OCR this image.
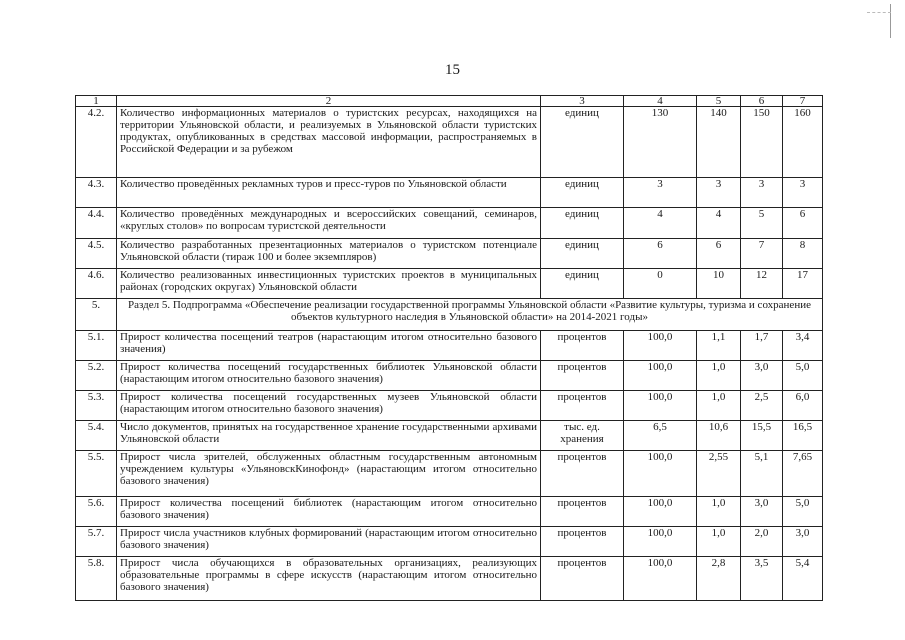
15
1	2	3	4	5	6	7
4.2.	Количество информационных материалов о туристских ресурсах, находящихся на территории Ульяновской области, и реализуемых в Ульяновской области туристских продуктах, опубликованных в средствах массовой информации, распространяемых в Российской Федерации и за рубежом	единиц	130	140	150	160
4.3.	Количество проведённых рекламных туров и пресс-туров по Ульяновской области	единиц	3	3	3	3
4.4.	Количество проведённых международных и всероссийских совещаний, семинаров, «круглых столов» по вопросам туристской деятельности	единиц	4	4	5	6
4.5.	Количество разработанных презентационных материалов о туристском потенциале Ульяновской области (тираж 100 и более экземпляров)	единиц	6	6	7	8
4.6.	Количество реализованных инвестиционных туристских проектов в муниципальных районах (городских округах) Ульяновской области	единиц	0	10	12	17
5.	Раздел 5. Подпрограмма «Обеспечение реализации государственной программы Ульяновской области «Развитие культуры, туризма и сохранение объектов культурного наследия в Ульяновской области» на 2014-2021 годы»					
5.1.	Прирост количества посещений театров (нарастающим итогом относительно базового значения)	процентов	100,0	1,1	1,7	3,4
5.2.	Прирост количества посещений государственных библиотек Ульяновской области (нарастающим итогом относительно базового значения)	процентов	100,0	1,0	3,0	5,0
5.3.	Прирост количества посещений государственных музеев Ульяновской области (нарастающим итогом относительно базового значения)	процентов	100,0	1,0	2,5	6,0
5.4.	Число документов, принятых на государственное хранение государственными архивами Ульяновской области	тыс. ед. хранения	6,5	10,6	15,5	16,5
5.5.	Прирост числа зрителей, обслуженных областным государственным автономным учреждением культуры «УльяновскКинофонд» (нарастающим итогом относительно базового значения)	процентов	100,0	2,55	5,1	7,65
5.6.	Прирост количества посещений библиотек (нарастающим итогом относительно базового значения)	процентов	100,0	1,0	3,0	5,0
5.7.	Прирост числа участников клубных формирований (нарастающим итогом относительно базового значения)	процентов	100,0	1,0	2,0	3,0
5.8.	Прирост числа обучающихся в образовательных организациях, реализующих образовательные программы в сфере искусств (нарастающим итогом относительно базового значения)	процентов	100,0	2,8	3,5	5,4
